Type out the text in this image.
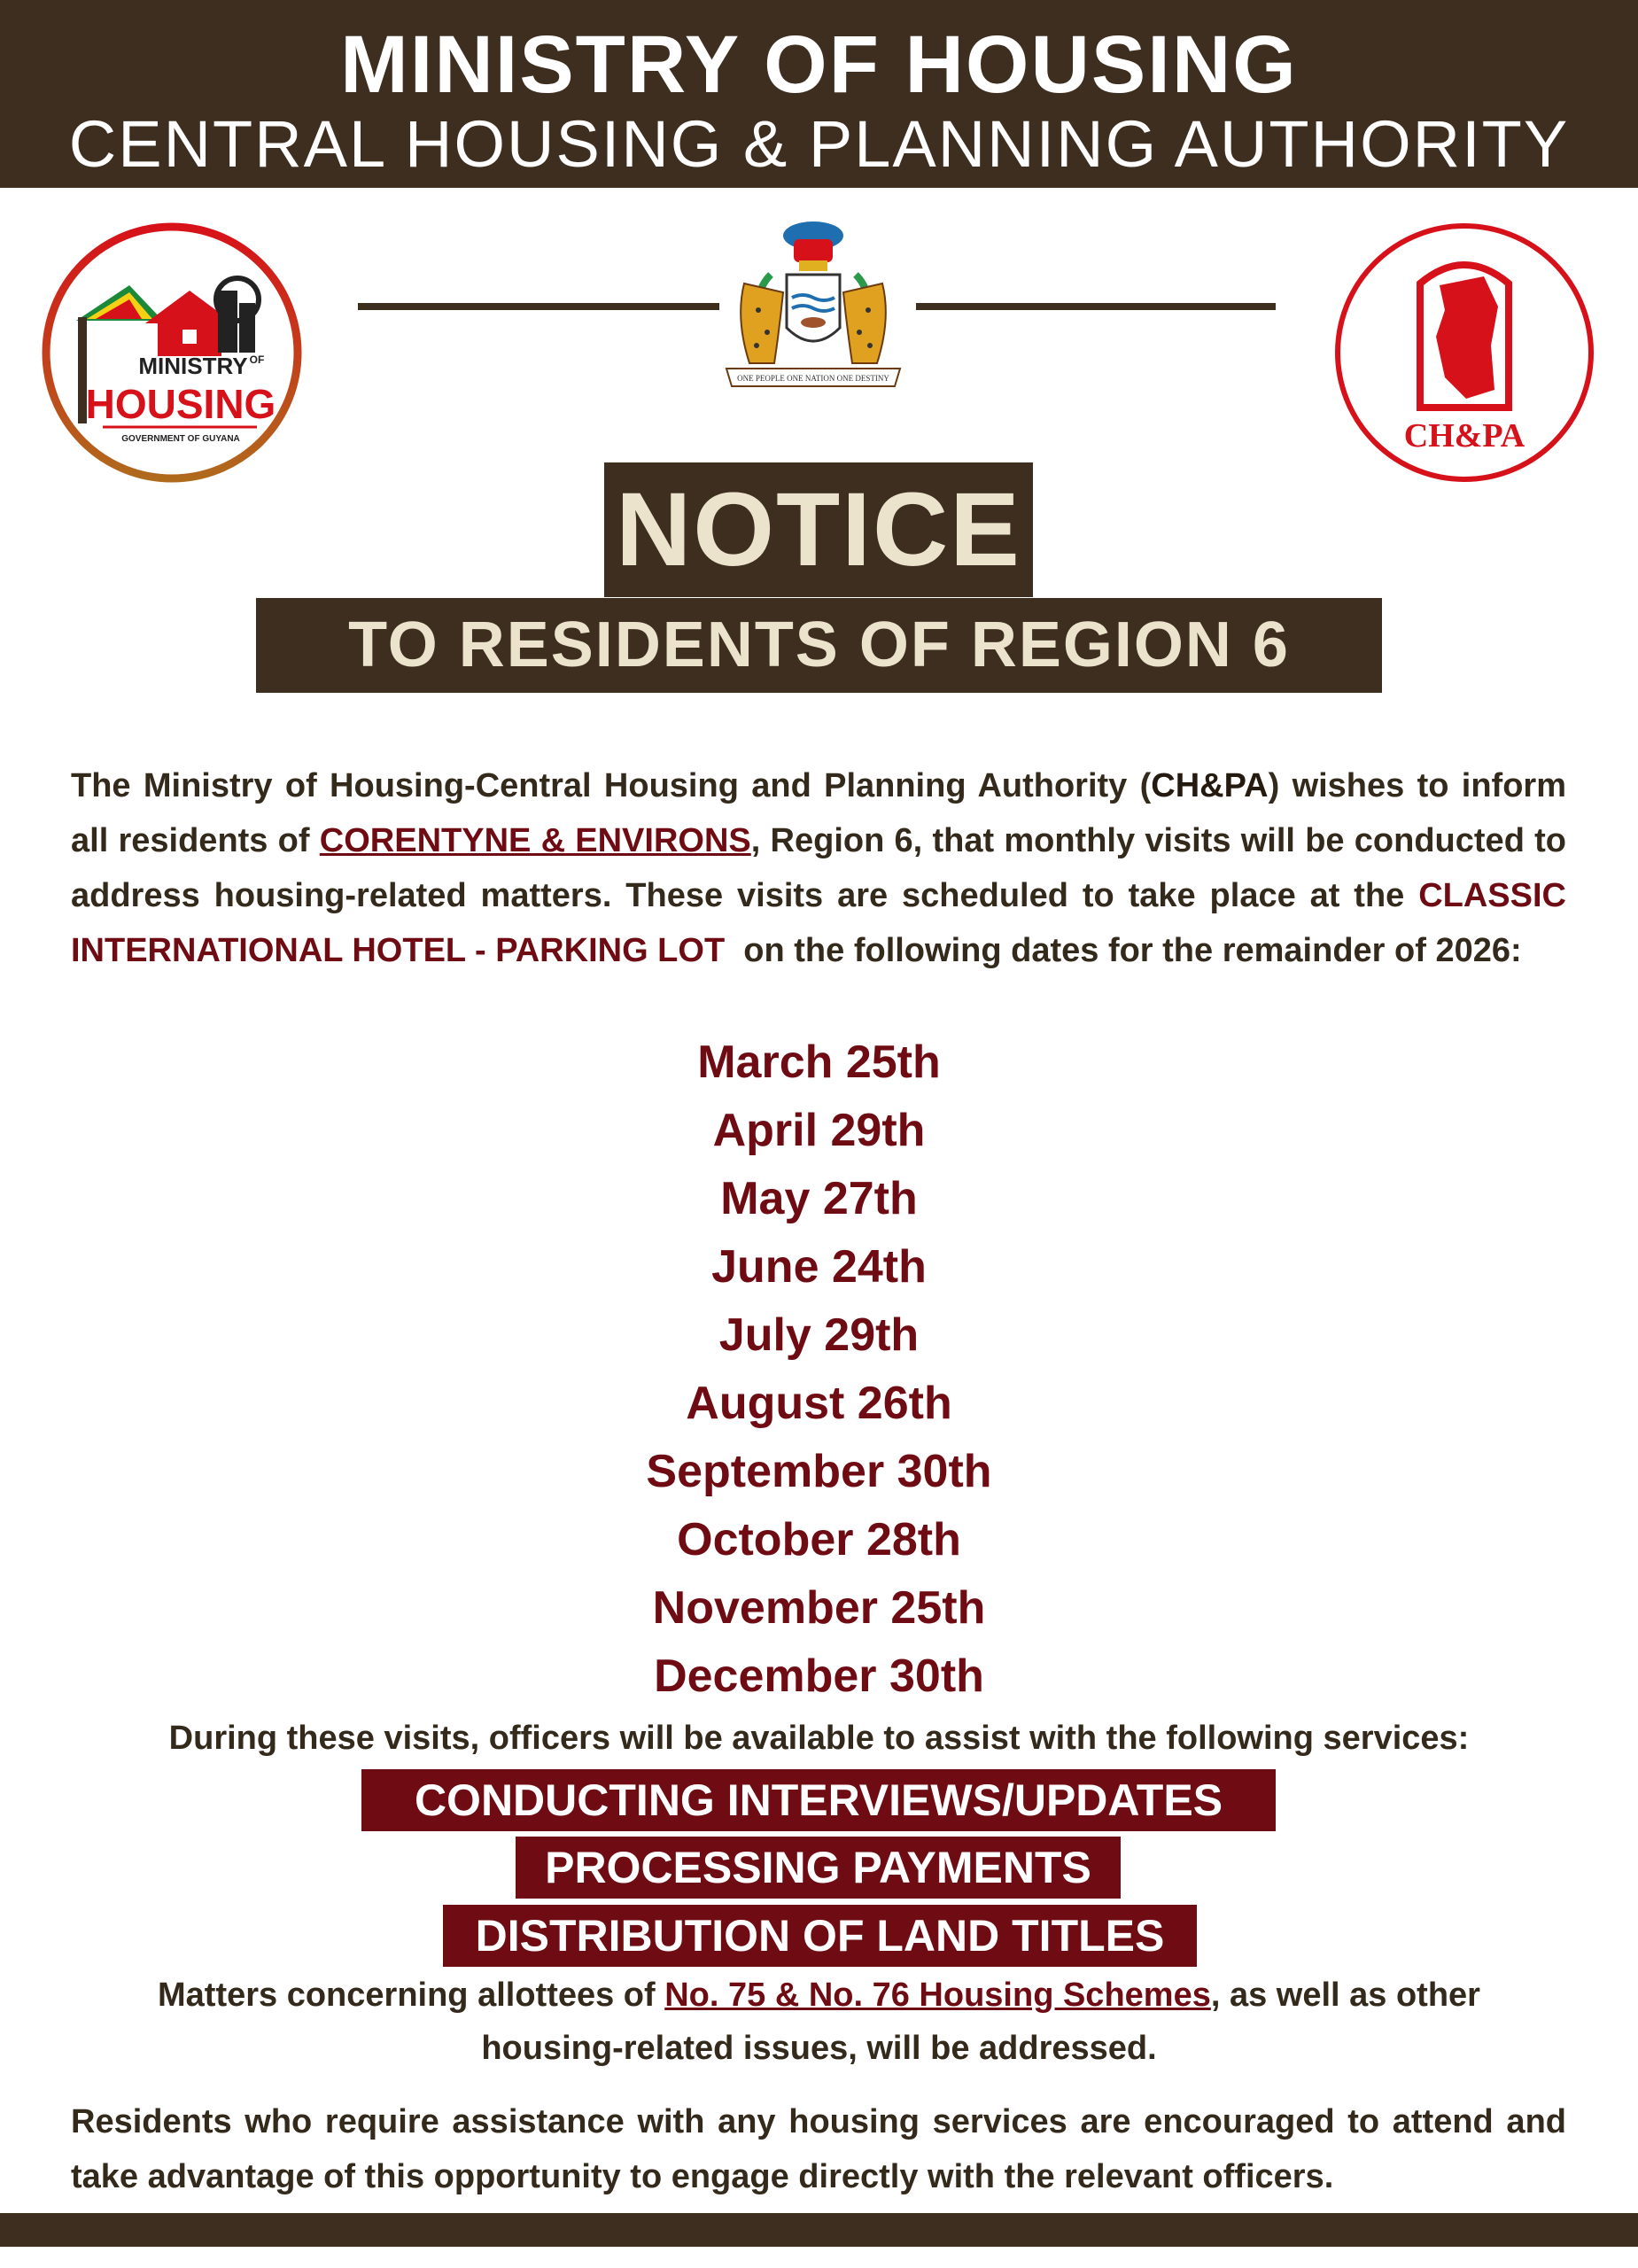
MINISTRY OF HOUSING
CENTRAL HOUSING & PLANNING AUTHORITY
MINISTRY OF
HOUSING
GOVERNMENT OF GUYANA
ONE PEOPLE ONE NATION ONE DESTINY
CH&PA
NOTICE
TO RESIDENTS OF REGION 6
The Ministry of Housing-Central Housing and Planning Authority (CH&PA) wishes to inform all residents of CORENTYNE & ENVIRONS, Region 6, that monthly visits will be conducted to address housing-related matters. These visits are scheduled to take place at the CLASSIC INTERNATIONAL HOTEL - PARKING LOT  on the following dates for the remainder of 2026:
March 25th
April 29th
May 27th
June 24th
July 29th
August 26th
September 30th
October 28th
November 25th
December 30th
During these visits, officers will be available to assist with the following services:
CONDUCTING INTERVIEWS/UPDATES
PROCESSING PAYMENTS
DISTRIBUTION OF LAND TITLES
Matters concerning allottees of No. 75 & No. 76 Housing Schemes, as well as other
housing-related issues, will be addressed.
Residents who require assistance with any housing services are encouraged to attend and take advantage of this opportunity to engage directly with the relevant officers.
